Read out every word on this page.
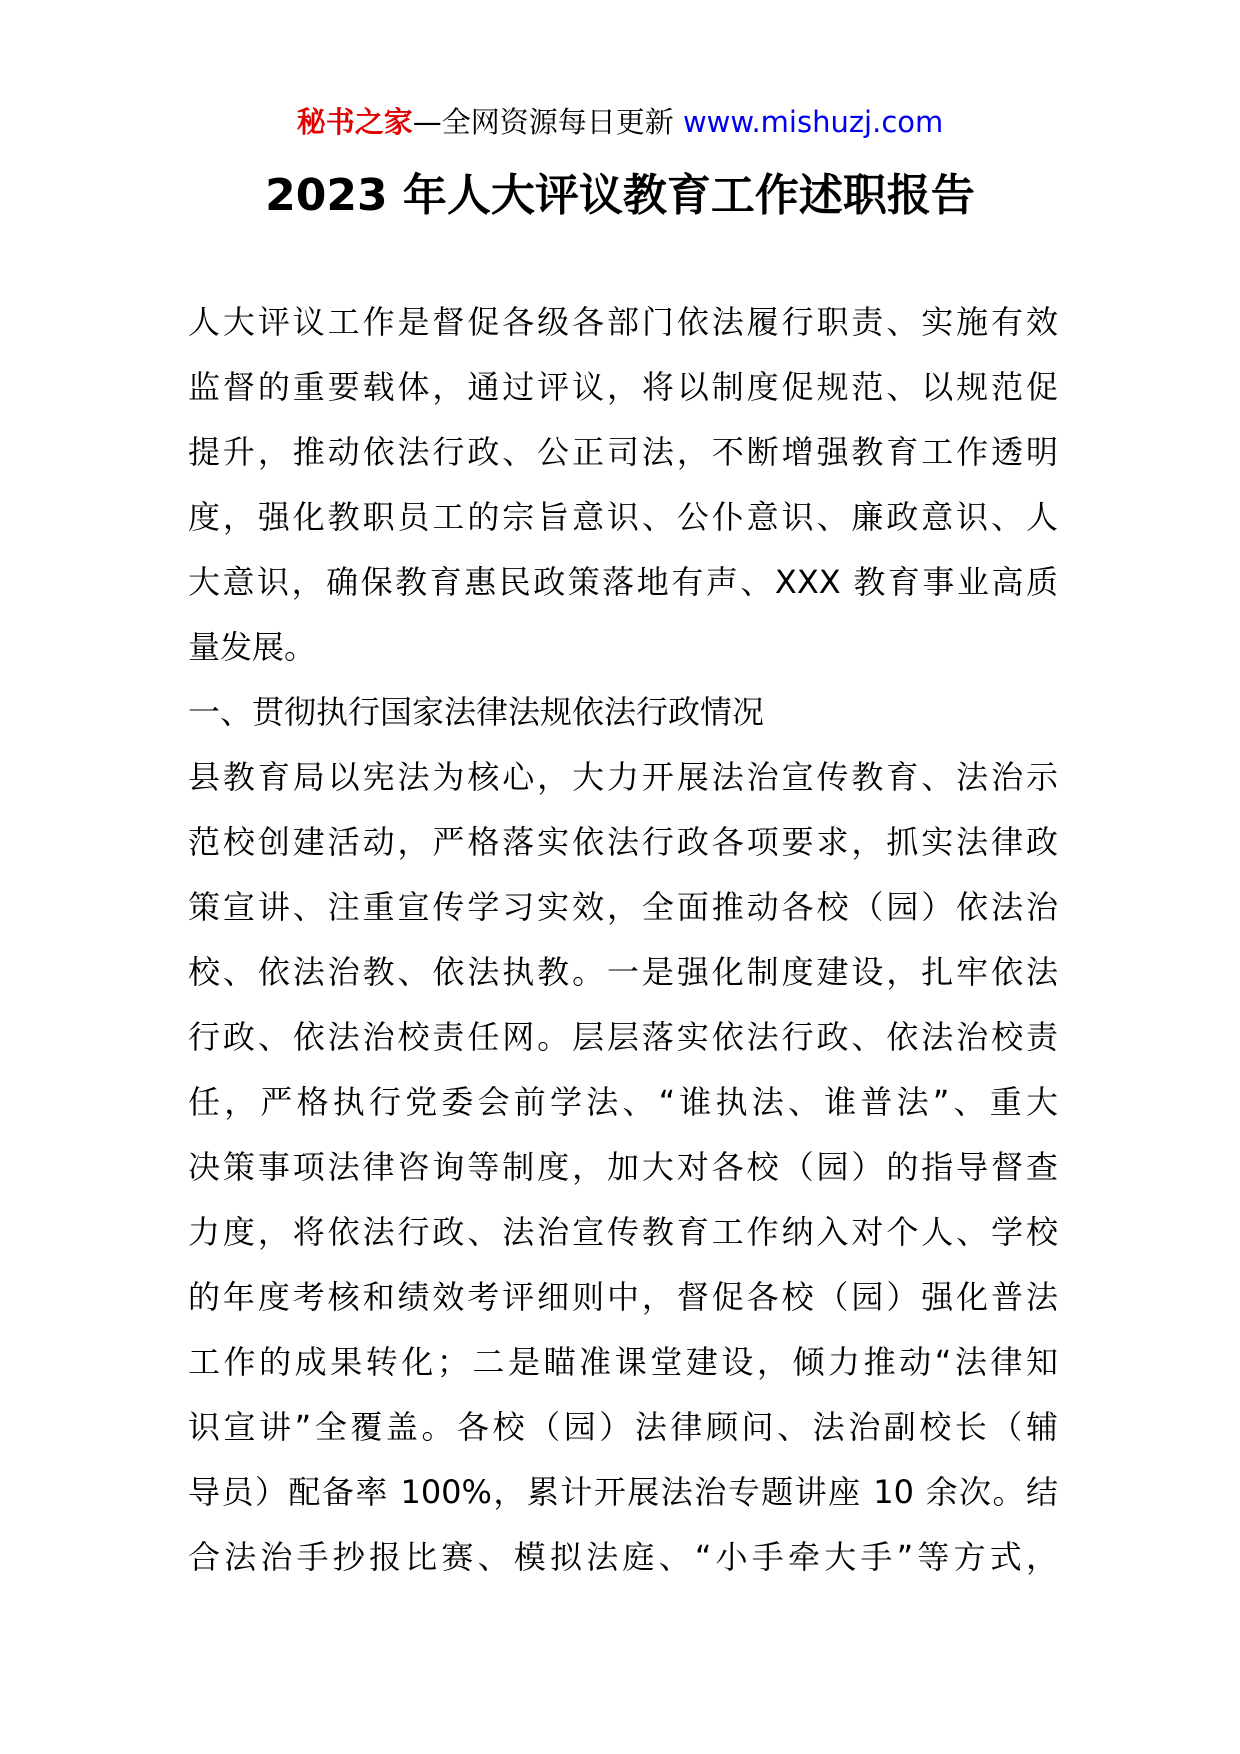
秘书之家—全网资源每日更新 www.mishuzj.com
2023 年人大评议教育工作述职报告
人大评议工作是督促各级各部门依法履行职责、实施有效
监督的重要载体，通过评议，将以制度促规范、以规范促
提升，推动依法行政、公正司法，不断增强教育工作透明
度，强化教职员工的宗旨意识、公仆意识、廉政意识、人
大意识，确保教育惠民政策落地有声、XXX 教育事业高质
量发展。
一、贯彻执行国家法律法规依法行政情况
县教育局以宪法为核心，大力开展法治宣传教育、法治示
范校创建活动，严格落实依法行政各项要求，抓实法律政
策宣讲、注重宣传学习实效，全面推动各校（园）依法治
校、依法治教、依法执教。一是强化制度建设，扎牢依法
行政、依法治校责任网。层层落实依法行政、依法治校责
任，严格执行党委会前学法、“谁执法、谁普法”、重大
决策事项法律咨询等制度，加大对各校（园）的指导督查
力度，将依法行政、法治宣传教育工作纳入对个人、学校
的年度考核和绩效考评细则中，督促各校（园）强化普法
工作的成果转化；二是瞄准课堂建设，倾力推动“法律知
识宣讲”全覆盖。各校（园）法律顾问、法治副校长（辅
导员）配备率 100%，累计开展法治专题讲座 10 余次。结
合法治手抄报比赛、模拟法庭、“小手牵大手”等方式，
